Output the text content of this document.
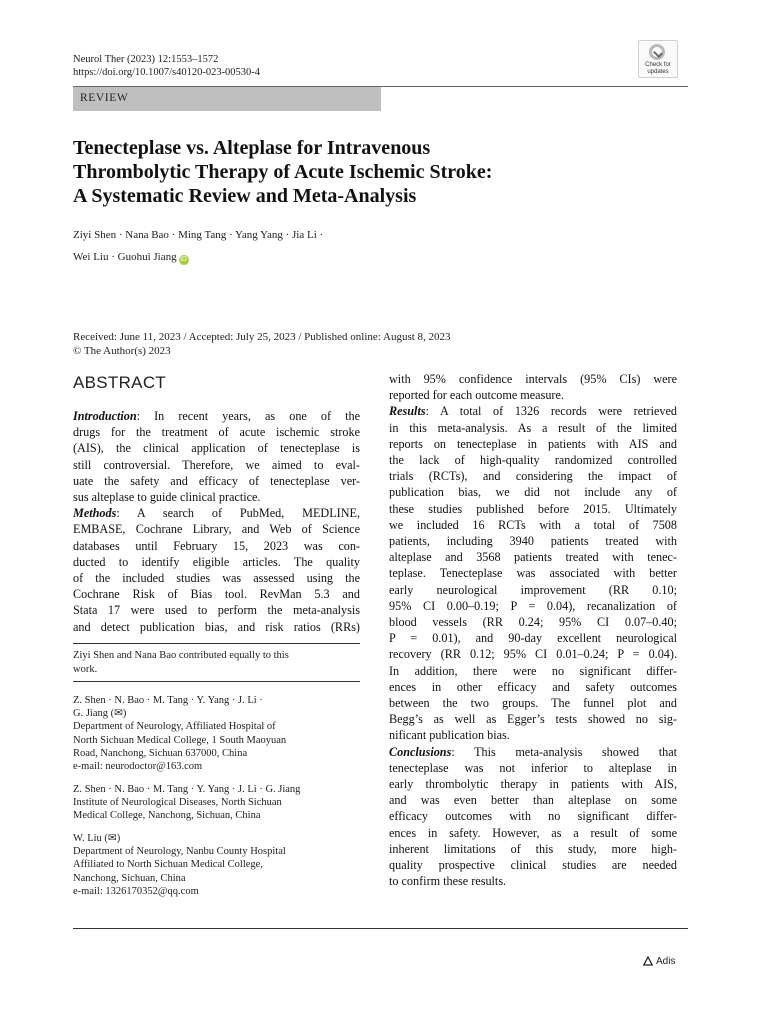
Neurol Ther (2023) 12:1553–1572
https://doi.org/10.1007/s40120-023-00530-4
Check for
updates
REVIEW
Tenecteplase vs. Alteplase for Intravenous
Thrombolytic Therapy of Acute Ischemic Stroke:
A Systematic Review and Meta-Analysis
Ziyi Shen · Nana Bao · Ming Tang · Yang Yang · Jia Li ·
Wei Liu · Guohui Jiang iD
Received: June 11, 2023 / Accepted: July 25, 2023 / Published online: August 8, 2023
© The Author(s) 2023
ABSTRACT
Introduction: In recent years, as one of the
drugs for the treatment of acute ischemic stroke
(AIS), the clinical application of tenecteplase is
still controversial. Therefore, we aimed to eval-
uate the safety and efficacy of tenecteplase ver-
sus alteplase to guide clinical practice.
Methods: A search of PubMed, MEDLINE,
EMBASE, Cochrane Library, and Web of Science
databases until February 15, 2023 was con-
ducted to identify eligible articles. The quality
of the included studies was assessed using the
Cochrane Risk of Bias tool. RevMan 5.3 and
Stata 17 were used to perform the meta-analysis
and detect publication bias, and risk ratios (RRs)
with 95% confidence intervals (95% CIs) were
reported for each outcome measure.
Results: A total of 1326 records were retrieved
in this meta-analysis. As a result of the limited
reports on tenecteplase in patients with AIS and
the lack of high-quality randomized controlled
trials (RCTs), and considering the impact of
publication bias, we did not include any of
these studies published before 2015. Ultimately
we included 16 RCTs with a total of 7508
patients, including 3940 patients treated with
alteplase and 3568 patients treated with tenec-
teplase. Tenecteplase was associated with better
early neurological improvement (RR 0.10;
95% CI 0.00–0.19; P = 0.04), recanalization of
blood vessels (RR 0.24; 95% CI 0.07–0.40;
P = 0.01), and 90-day excellent neurological
recovery (RR 0.12; 95% CI 0.01–0.24; P = 0.04).
In addition, there were no significant differ-
ences in other efficacy and safety outcomes
between the two groups. The funnel plot and
Begg’s as well as Egger’s tests showed no sig-
nificant publication bias.
Conclusions: This meta-analysis showed that
tenecteplase was not inferior to alteplase in
early thrombolytic therapy in patients with AIS,
and was even better than alteplase on some
efficacy outcomes with no significant differ-
ences in safety. However, as a result of some
inherent limitations of this study, more high-
quality prospective clinical studies are needed
to confirm these results.
Ziyi Shen and Nana Bao contributed equally to this
work.
Z. Shen · N. Bao · M. Tang · Y. Yang · J. Li ·
G. Jiang (✉)
Department of Neurology, Affiliated Hospital of
North Sichuan Medical College, 1 South Maoyuan
Road, Nanchong, Sichuan 637000, China
e-mail: neurodoctor@163.com
Z. Shen · N. Bao · M. Tang · Y. Yang · J. Li · G. Jiang
Institute of Neurological Diseases, North Sichuan
Medical College, Nanchong, Sichuan, China
W. Liu (✉)
Department of Neurology, Nanbu County Hospital
Affiliated to North Sichuan Medical College,
Nanchong, Sichuan, China
e-mail: 1326170352@qq.com
Adis
